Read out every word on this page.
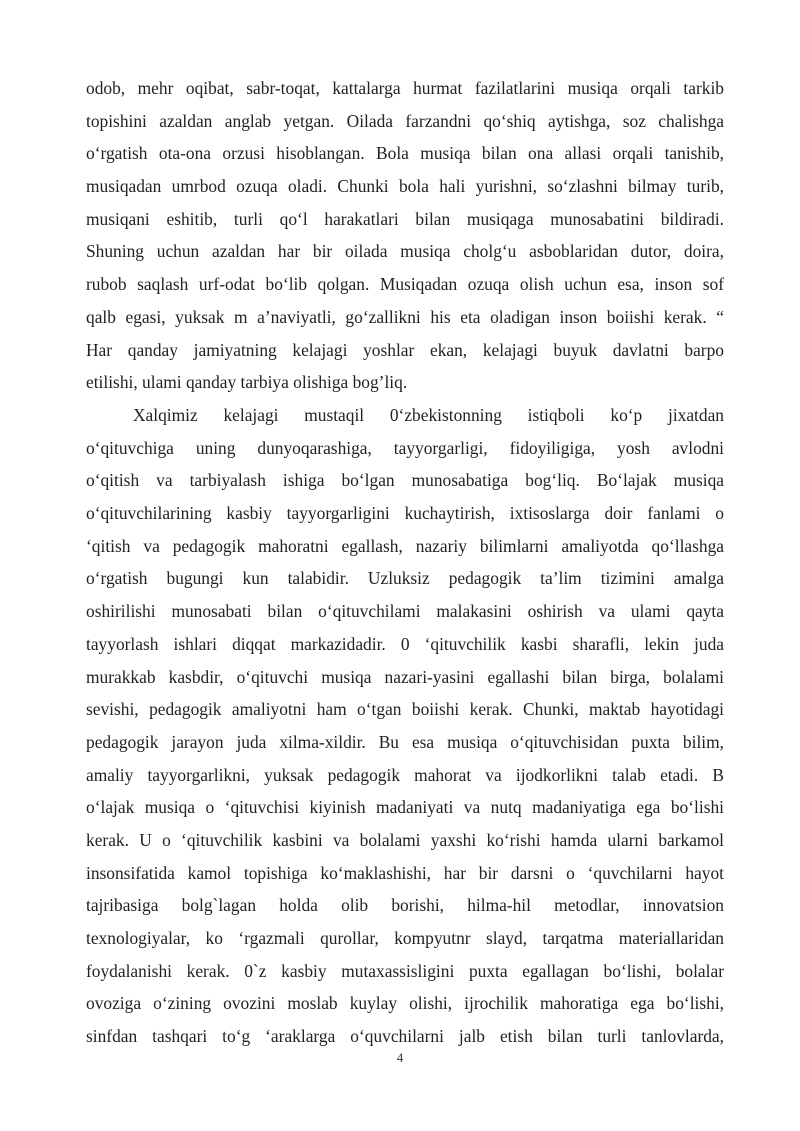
odob, mehr oqibat, sabr-toqat, kattalarga hurmat fazilatlarini musiqa orqali tarkib
topishini azaldan anglab yetgan. Oilada farzandni qo‘shiq aytishga, soz chalishga
o‘rgatish ota-ona orzusi hisoblangan. Bola musiqa bilan ona allasi orqali tanishib,
musiqadan umrbod ozuqa oladi. Chunki bola hali yurishni, so‘zlashni bilmay turib,
musiqani eshitib, turli qo‘l harakatlari bilan musiqaga munosabatini bildiradi.
Shuning uchun azaldan har bir oilada musiqa cholg‘u asboblaridan dutor, doira,
rubob saqlash urf-odat bo‘lib qolgan. Musiqadan ozuqa olish uchun esa, inson sof
qalb egasi, yuksak m a’naviyatli, go‘zallikni his eta oladigan inson boiishi kerak. “
Har qanday jamiyatning kelajagi yoshlar ekan, kelajagi buyuk davlatni barpo
etilishi, ulami qanday tarbiya olishiga bog’liq.
Xalqimiz kelajagi mustaqil 0‘zbekistonning istiqboli ko‘p jixatdan
o‘qituvchiga uning dunyoqarashiga, tayyorgarligi, fidoyiligiga, yosh avlodni
o‘qitish va tarbiyalash ishiga bo‘lgan munosabatiga bog‘liq. Bo‘lajak musiqa
o‘qituvchilarining kasbiy tayyorgarligini kuchaytirish, ixtisoslarga doir fanlami o
‘qitish va pedagogik mahoratni egallash, nazariy bilimlarni amaliyotda qo‘llashga
o‘rgatish bugungi kun talabidir. Uzluksiz pedagogik ta’lim tizimini amalga
oshirilishi munosabati bilan o‘qituvchilami malakasini oshirish va ulami qayta
tayyorlash ishlari diqqat markazidadir. 0 ‘qituvchilik kasbi sharafli, lekin juda
murakkab kasbdir, o‘qituvchi musiqa nazari-yasini egallashi bilan birga, bolalami
sevishi, pedagogik amaliyotni ham o‘tgan boiishi kerak. Chunki, maktab hayotidagi
pedagogik jarayon juda xilma-xildir. Bu esa musiqa o‘qituvchisidan puxta bilim,
amaliy tayyorgarlikni, yuksak pedagogik mahorat va ijodkorlikni talab etadi. B
o‘lajak musiqa o ‘qituvchisi kiyinish madaniyati va nutq madaniyatiga ega bo‘lishi
kerak. U o ‘qituvchilik kasbini va bolalami yaxshi ko‘rishi hamda ularni barkamol
insonsifatida kamol topishiga ko‘maklashishi, har bir darsni o ‘quvchilarni hayot
tajribasiga bolg`lagan holda olib borishi, hilma-hil metodlar, innovatsion
texnologiyalar, ko ‘rgazmali qurollar, kompyutnr slayd, tarqatma materiallaridan
foydalanishi kerak. 0`z kasbiy mutaxassisligini puxta egallagan bo‘lishi, bolalar
ovoziga o‘zining ovozini moslab kuylay olishi, ijrochilik mahoratiga ega bo‘lishi,
sinfdan tashqari to‘g ‘araklarga o‘quvchilarni jalb etish bilan turli tanlovlarda,
4
